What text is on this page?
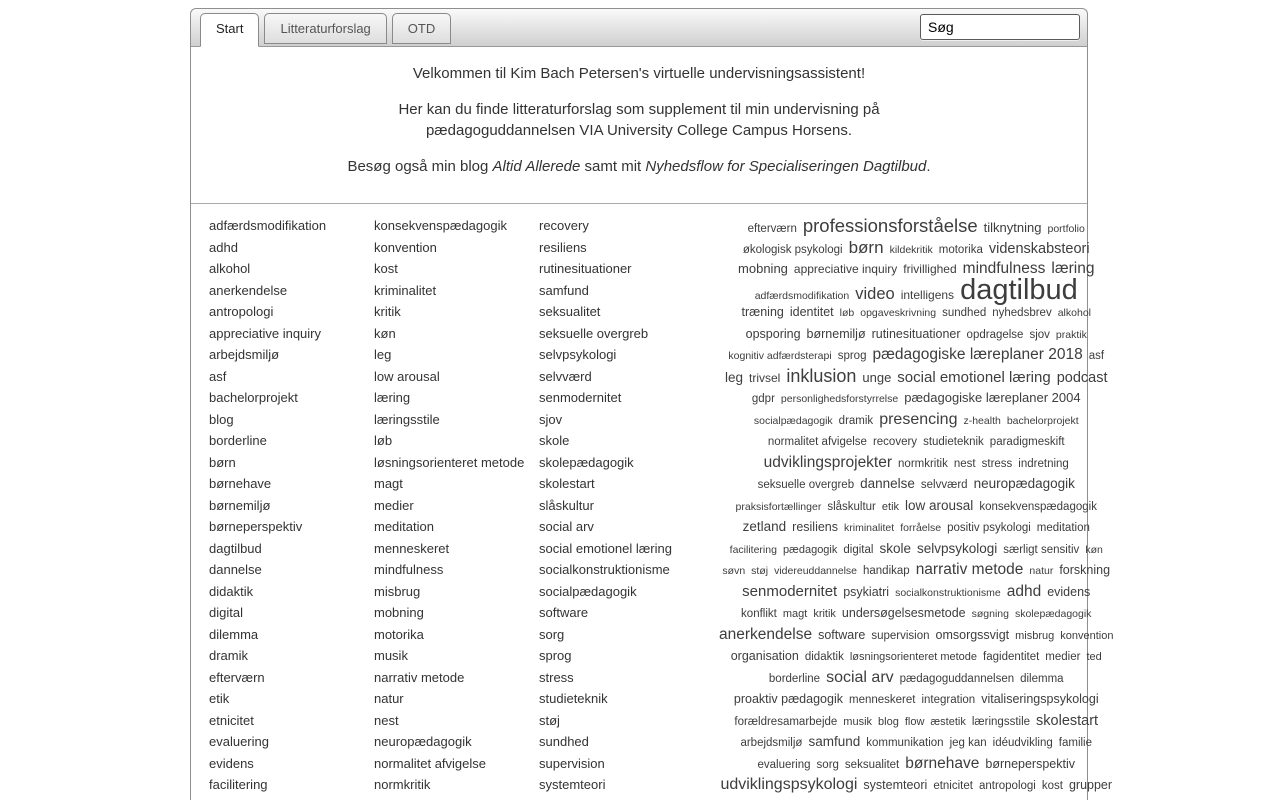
Start	Litteraturforslag	OTD
Søg

Velkommen til Kim Bach Petersen's virtuelle undervisningsassistent!

Her kan du finde litteraturforslag som supplement til min undervisning på pædagoguddannelsen VIA University College Campus Horsens.

Besøg også min blog Altid Allerede samt mit Nyhedsflow for Specialiseringen Dagtilbud.

adfærdsmodifikation
adhd
alkohol
anerkendelse
antropologi
appreciative inquiry
arbejdsmiljø
asf
bachelorprojekt
blog
borderline
børn
børnehave
børnemiljø
børneperspektiv
dagtilbud
dannelse
didaktik
digital
dilemma
dramik
efterværn
etik
etnicitet
evaluering
evidens
facilitering
konsekvenspædagogik
konvention
kost
kriminalitet
kritik
køn
leg
low arousal
læring
læringsstile
løb
løsningsorienteret metode
magt
medier
meditation
menneskeret
mindfulness
misbrug
mobning
motorika
musik
narrativ metode
natur
nest
neuropædagogik
normalitet afvigelse
normkritik
recovery
resiliens
rutinesituationer
samfund
seksualitet
seksuelle overgreb
selvpsykologi
selvværd
senmodernitet
sjov
skole
skolepædagogik
skolestart
slåskultur
social arv
social emotionel læring
socialkonstruktionisme
socialpædagogik
software
sorg
sprog
stress
studieteknik
støj
sundhed
supervision
systemteori
efterværn professionsforståelse tilknytning portfolio
økologisk psykologi børn kildekritik motorika videnskabsteori
mobning appreciative inquiry frivillighed mindfulness læring
adfærdsmodifikation video intelligens dagtilbud
træning identitet løb opgaveskrivning sundhed nyhedsbrev alkohol
opsporing børnemiljø rutinesituationer opdragelse sjov praktik
kognitiv adfærdsterapi sprog pædagogiske læreplaner 2018 asf
leg trivsel inklusion unge social emotionel læring podcast
gdpr personlighedsforstyrrelse pædagogiske læreplaner 2004
socialpædagogik dramik presencing z-health bachelorprojekt
normalitet afvigelse recovery studieteknik paradigmeskift
udviklingsprojekter normkritik nest stress indretning
seksuelle overgreb dannelse selvværd neuropædagogik
praksisfortællinger slåskultur etik low arousal konsekvenspædagogik
zetland resiliens kriminalitet forråelse positiv psykologi meditation
facilitering pædagogik digital skole selvpsykologi særligt sensitiv køn
søvn støj videreuddannelse handikap narrativ metode natur forskning
senmodernitet psykiatri socialkonstruktionisme adhd evidens
konflikt magt kritik undersøgelsesmetode søgning skolepædagogik
anerkendelse software supervision omsorgssvigt misbrug konvention
organisation didaktik løsningsorienteret metode fagidentitet medier ted
borderline social arv pædagoguddannelsen dilemma
proaktiv pædagogik menneskeret integration vitaliseringspsykologi
forældresamarbejde musik blog flow æstetik læringsstile skolestart
arbejdsmiljø samfund kommunikation jeg kan idéudvikling familie
evaluering sorg seksualitet børnehave børneperspektiv
udviklingspsykologi systemteori etnicitet antropologi kost grupper
